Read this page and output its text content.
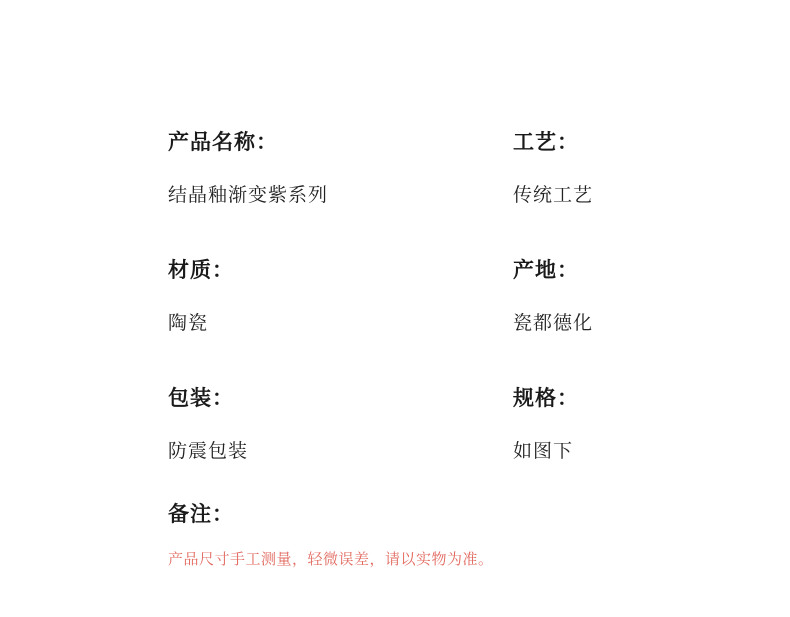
产品名称：
结晶釉渐变紫系列
工艺：
传统工艺
材质：
陶瓷
产地：
瓷都德化
包装：
防震包装
规格：
如图下
备注：
产品尺寸手工测量，轻微误差，请以实物为准。
